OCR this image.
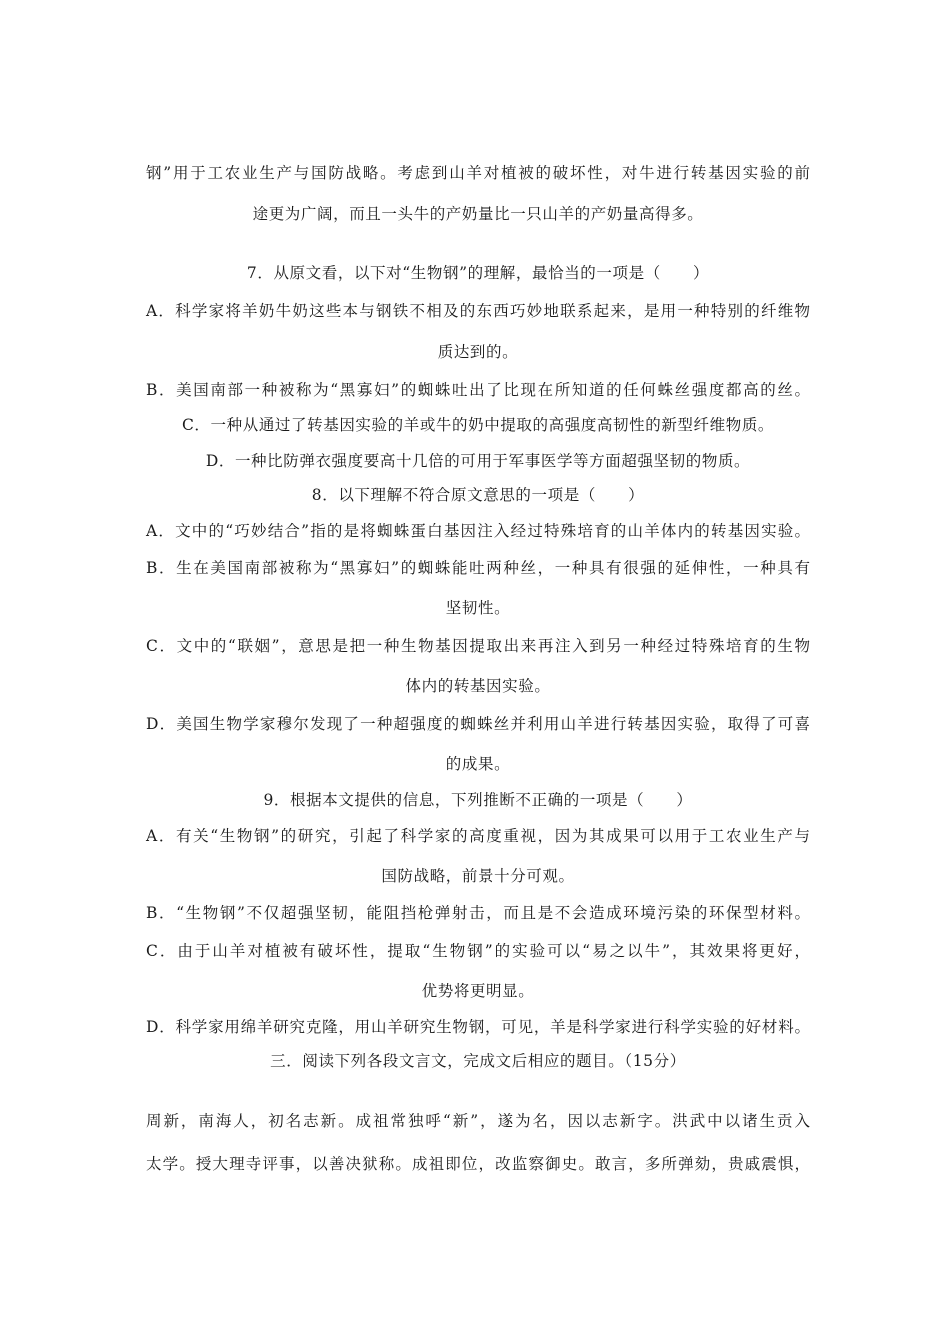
钢”用于工农业生产与国防战略。考虑到山羊对植被的破坏性，对牛进行转基因实验的前
途更为广阔，而且一头牛的产奶量比一只山羊的产奶量高得多。
7．从原文看，以下对“生物钢”的理解，最恰当的一项是（　　）
A．科学家将羊奶牛奶这些本与钢铁不相及的东西巧妙地联系起来，是用一种特别的纤维物
质达到的。
B．美国南部一种被称为“黑寡妇”的蜘蛛吐出了比现在所知道的任何蛛丝强度都高的丝。
C．一种从通过了转基因实验的羊或牛的奶中提取的高强度高韧性的新型纤维物质。
D．一种比防弹衣强度要高十几倍的可用于军事医学等方面超强坚韧的物质。
8．以下理解不符合原文意思的一项是（　　）
A．文中的“巧妙结合”指的是将蜘蛛蛋白基因注入经过特殊培育的山羊体内的转基因实验。
B．生在美国南部被称为“黑寡妇”的蜘蛛能吐两种丝，一种具有很强的延伸性，一种具有
坚韧性。
C．文中的“联姻”，意思是把一种生物基因提取出来再注入到另一种经过特殊培育的生物
体内的转基因实验。
D．美国生物学家穆尔发现了一种超强度的蜘蛛丝并利用山羊进行转基因实验，取得了可喜
的成果。
9．根据本文提供的信息，下列推断不正确的一项是（　　）
A．有关“生物钢”的研究，引起了科学家的高度重视，因为其成果可以用于工农业生产与
国防战略，前景十分可观。
B．“生物钢”不仅超强坚韧，能阻挡枪弹射击，而且是不会造成环境污染的环保型材料。
C．由于山羊对植被有破坏性，提取“生物钢”的实验可以“易之以牛”，其效果将更好，
优势将更明显。
D．科学家用绵羊研究克隆，用山羊研究生物钢，可见，羊是科学家进行科学实验的好材料。
三．阅读下列各段文言文，完成文后相应的题目。（15分）
周新，南海人，初名志新。成祖常独呼“新”，遂为名，因以志新字。洪武中以诸生贡入
太学。授大理寺评事，以善决狱称。成祖即位，改监察御史。敢言，多所弹劾，贵戚震惧，
